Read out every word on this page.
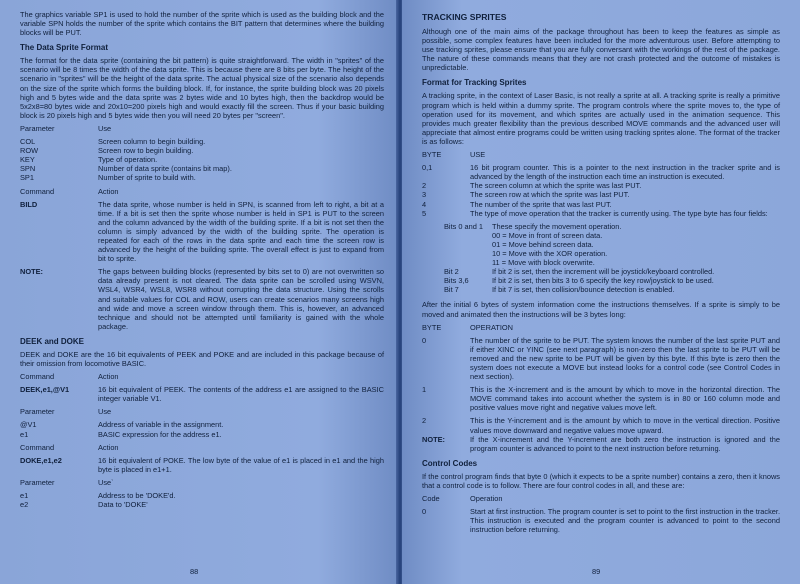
The graphics variable SP1 is used to hold the number of the sprite which is used as the building block and the variable SPN holds the number of the sprite which contains the BIT pattern that determines where the building blocks will be PUT.

The Data Sprite Format

The format for the data sprite (containing the bit pattern) is quite straightforward. The width in "sprites" of the scenario will be 8 times the width of the data sprite. This is because there are 8 bits per byte. The height of the scenario in "sprites" will be the height of the data sprite. The actual physical size of the scenario also depends on the size of the sprite which forms the building block. If, for instance, the sprite building block was 20 pixels high and 5 bytes wide and the data sprite was 2 bytes wide and 10 bytes high, then the backdrop would be 5x2x8=80 bytes wide and 20x10=200 pixels high and would exactly fill the screen. Thus if your basic building block is 20 pixels high and 5 bytes wide then you will need 20 bytes per "screen".

Parameter	Use
COL	Screen column to begin building.
ROW	Screen row to begin building.
KEY	Type of operation.
SPN	Number of data sprite (contains bit map).
SP1	Number of sprite to build with.
Command	Action
BILD	The data sprite, whose number is held in SPN, is scanned from left to right, a bit at a time. If a bit is set then the sprite whose number is held in SP1 is PUT to the screen and the column advanced by the width of the building sprite. If a bit is not set then the column is simply advanced by the width of the building sprite. The operation is repeated for each of the rows in the data sprite and each time the screen row is advanced by the height of the building sprite. The overall effect is just to expand from bit to sprite.
NOTE:	The gaps between building blocks (represented by bits set to 0) are not overwritten so data already present is not cleared. The data sprite can be scrolled using WSVN, WSL4, WSR4, WSL8, WSR8 without corrupting the data structure. Using the scrolls and suitable values for COL and ROW, users can create scenarios many screens high and wide and move a screen window through them. This is, however, an advanced technique and should not be attempted until familiarity is gained with the whole package.
DEEK and DOKE

DEEK and DOKE are the 16 bit equivalents of PEEK and POKE and are included in this package because of their omission from locomotive BASIC.

Command	Action
DEEK,e1,@V1	16 bit equivalent of PEEK. The contents of the address e1 are assigned to the BASIC integer variable V1.
Parameter	Use
@V1	Address of variable in the assignment.
e1	BASIC expression for the address e1.
Command	Action
DOKE,e1,e2	16 bit equivalent of POKE. The low byte of the value of e1 is placed in e1 and the high byte is placed in e1+1.
Parameter	Use`
e1	Address to be 'DOKE'd.
e2	Data to 'DOKE'
88
TRACKING SPRITES

Although one of the main aims of the package throughout has been to keep the features as simple as possible, some complex features have been included for the more adventurous user. Before attempting to use tracking sprites, please ensure that you are fully conversant with the workings of the rest of the package. The nature of these commands means that they are not crash protected and the outcome of mistakes is unpredictable.

Format for Tracking Sprites

A tracking sprite, in the context of Laser Basic, is not really a sprite at all. A tracking sprite is really a primitive program which is held within a dummy sprite. The program controls where the sprite moves to, the type of operation used for its movement, and which sprites are actually used in the animation sequence. This provides much greater flexibility than the previous described MOVE commands and the advanced user will appreciate that almost entire programs could be written using tracking sprites alone. The format of the tracker is as follows:

BYTE	USE
0,1	16 bit program counter. This is a pointer to the next instruction in the tracker sprite and is advanced by the length of the instruction each time an instruction is executed.
2	The screen column at which the sprite was last PUT.
3	The screen row at which the sprite was last PUT.
4	The number of the sprite that was last PUT.
5	The type of move operation that the tracker is currently using. The type byte has four fields:
Bits 0 and 1	These specify the movement operation.
00 = Move in front of screen data.
01 = Move behind screen data.
10 = Move with the XOR operation.
11 = Move with block overwrite.
Bit 2	If bit 2 is set, then the increment will be joystick/keyboard controlled.
Bits 3,6	If bit 2 is set, then bits 3 to 6 specify the key row/joystick to be used.
Bit 7	If bit 7 is set, then collision/bounce detection is enabled.

After the initial 6 bytes of system information come the instructions themselves. If a sprite is simply to be moved and animated then the instructions will be 3 bytes long:

BYTE	OPERATION
0	The number of the sprite to be PUT. The system knows the number of the last sprite PUT and if either XINC or YINC (see next paragraph) is non-zero then the last sprite to be PUT will be removed and the new sprite to be PUT will be given by this byte. If this byte is zero then the system does not execute a MOVE but instead looks for a control code (see Control Codes in next section).
1	This is the X-increment and is the amount by which to move in the horizontal direction. The MOVE command takes into account whether the system is in 80 or 160 column mode and positive values move right and negative values move left.
2	This is the Y-increment and is the amount by which to move in the vertical direction. Positive values move downward and negative values move upward.
NOTE:	If the X-increment and the Y-increment are both zero the instruction is ignored and the program counter is advanced to point to the next instruction before returning.
Control Codes

If the control program finds that byte 0 (which it expects to be a sprite number) contains a zero, then it knows that a control code is to follow. There are four control codes in all, and these are:

Code	Operation
0	Start at first instruction. The program counter is set to point to the first instruction in the tracker. This instruction is executed and the program counter is advanced to point to the second instruction before returning.
89
